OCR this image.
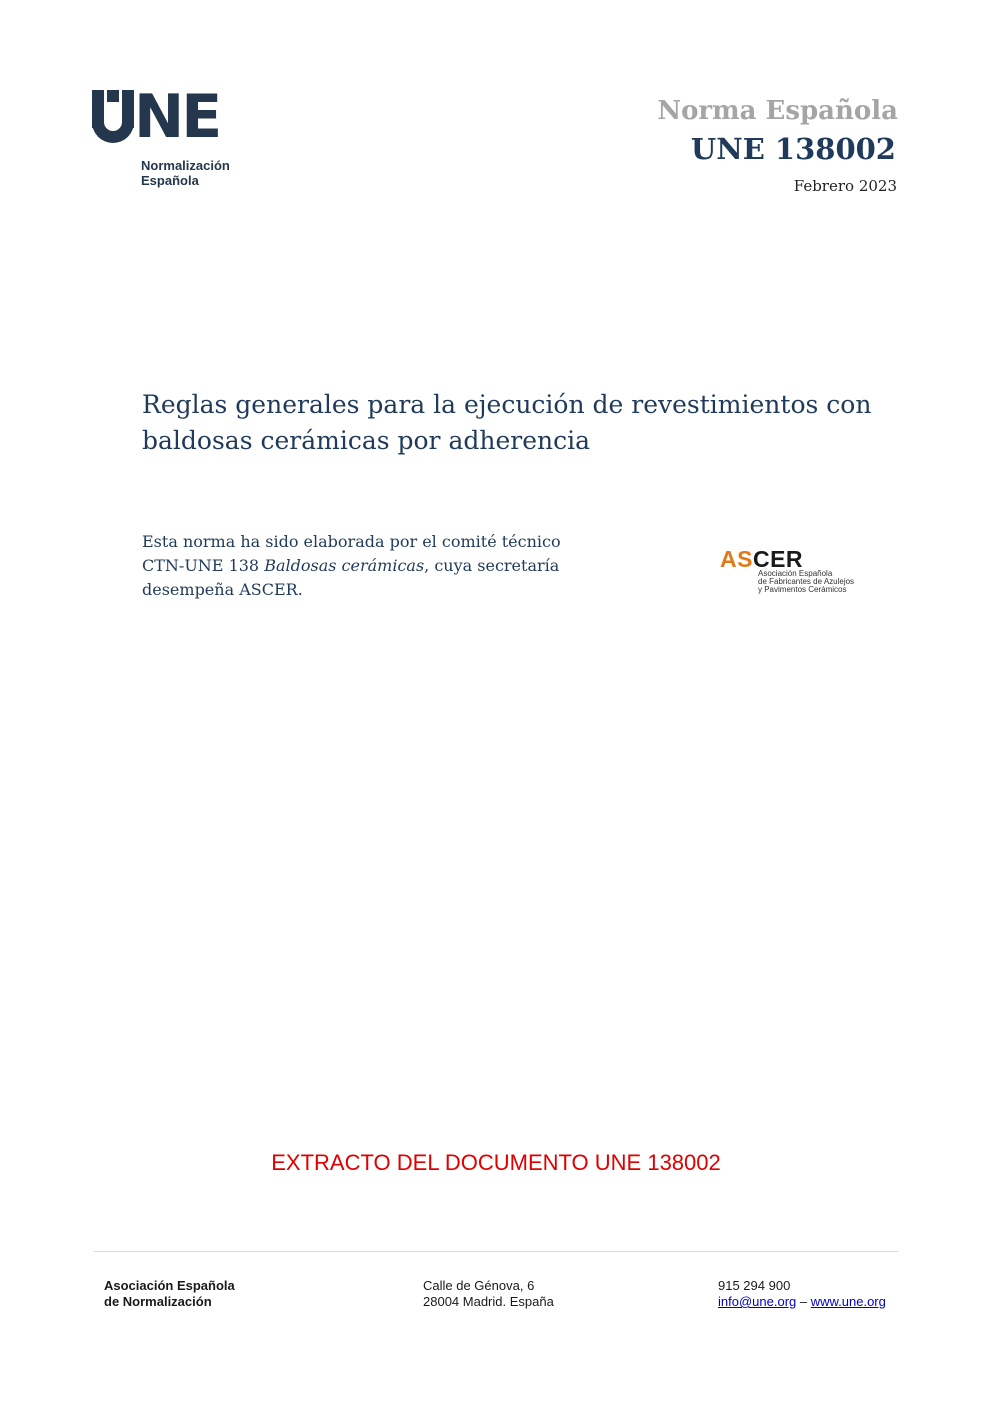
NE
Normalización
Española
Norma Española
UNE 138002
Febrero 2023
Reglas generales para la ejecución de revestimientos con
baldosas cerámicas por adherencia
Esta norma ha sido elaborada por el comité técnico
CTN-UNE 138 Baldosas cerámicas, cuya secretaría
desempeña ASCER.
ASCER
Asociación Española
de Fabricantes de Azulejos
y Pavimentos Cerámicos
EXTRACTO DEL DOCUMENTO UNE 138002
Asociación Española
de Normalización
Calle de Génova, 6
28004 Madrid. España
915 294 900
info@une.org – www.une.org
